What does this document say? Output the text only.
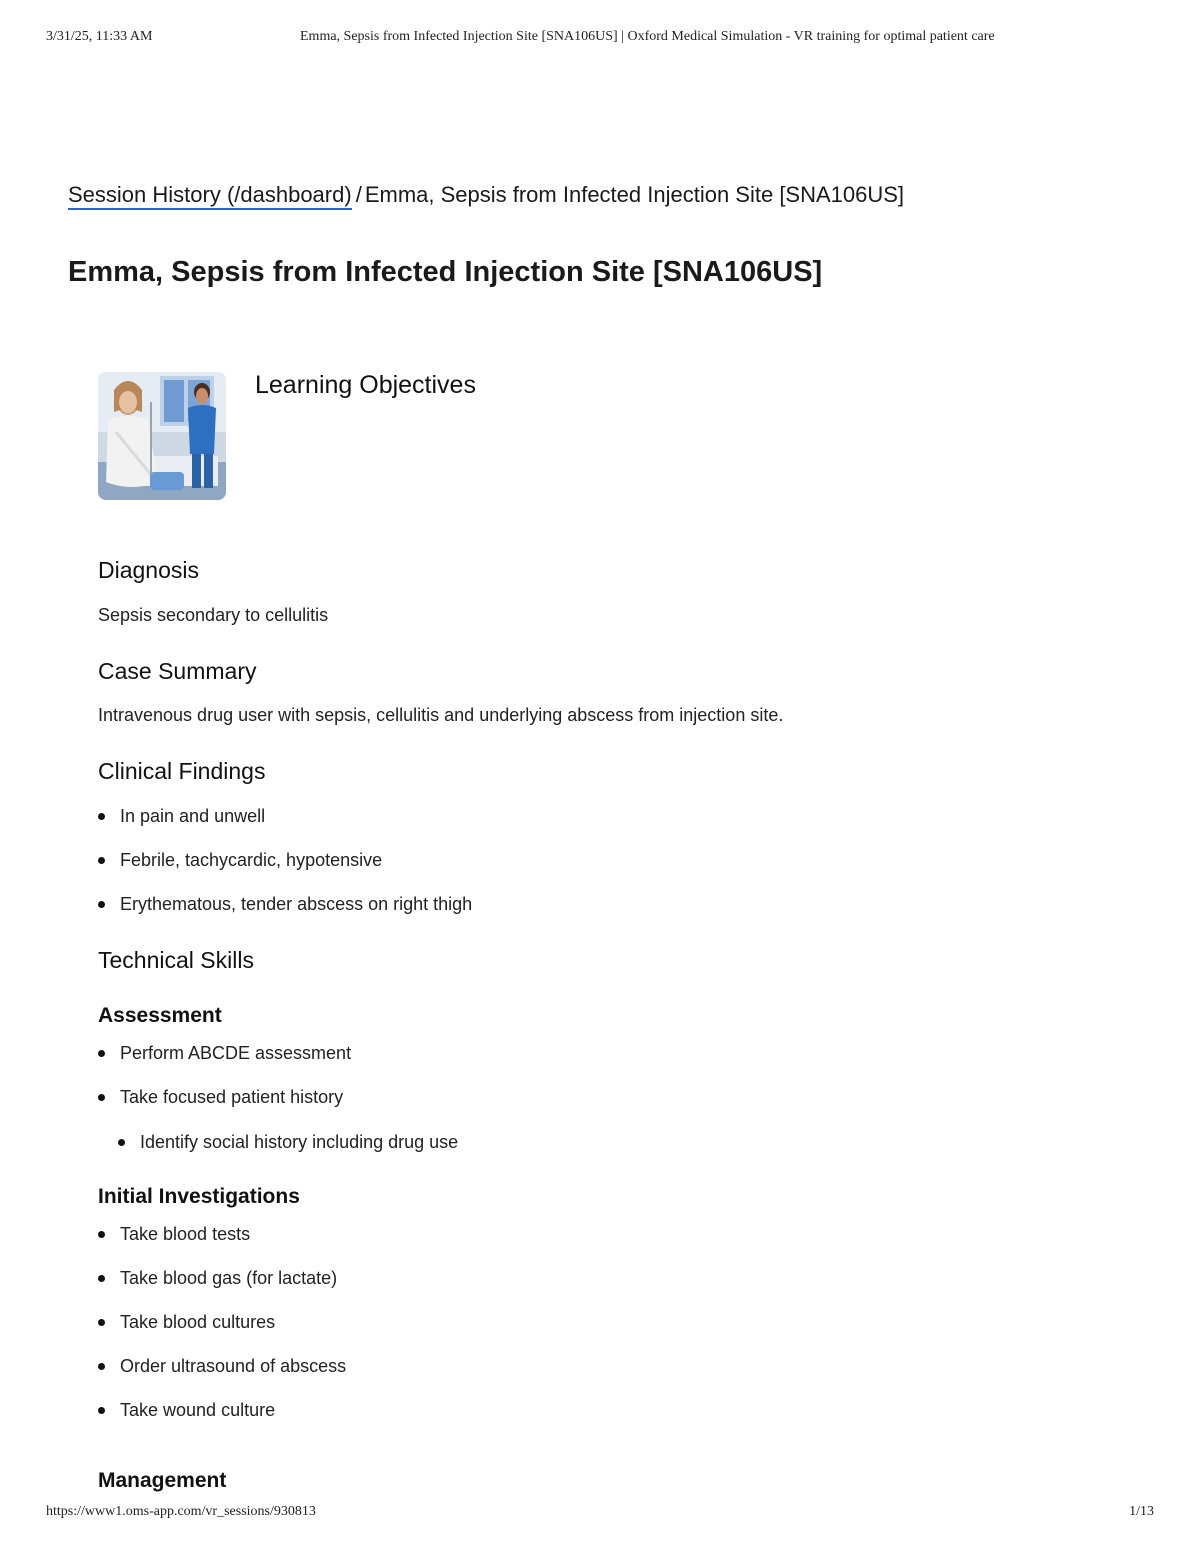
3/31/25, 11:33 AM	Emma, Sepsis from Infected Injection Site [SNA106US] | Oxford Medical Simulation - VR training for optimal patient care
Session History (/dashboard) / Emma, Sepsis from Infected Injection Site [SNA106US]
Emma, Sepsis from Infected Injection Site [SNA106US]
Learning Objectives
Diagnosis

Sepsis secondary to cellulitis

Case Summary

Intravenous drug user with sepsis, cellulitis and underlying abscess from injection site.

Clinical Findings
In pain and unwell
Febrile, tachycardic, hypotensive
Erythematous, tender abscess on right thigh
Technical Skills
Assessment
Perform ABCDE assessment
Take focused patient history
Identify social history including drug use
Initial Investigations
Take blood tests
Take blood gas (for lactate)
Take blood cultures
Order ultrasound of abscess
Take wound culture
Management
https://www1.oms-app.com/vr_sessions/930813	1/13
